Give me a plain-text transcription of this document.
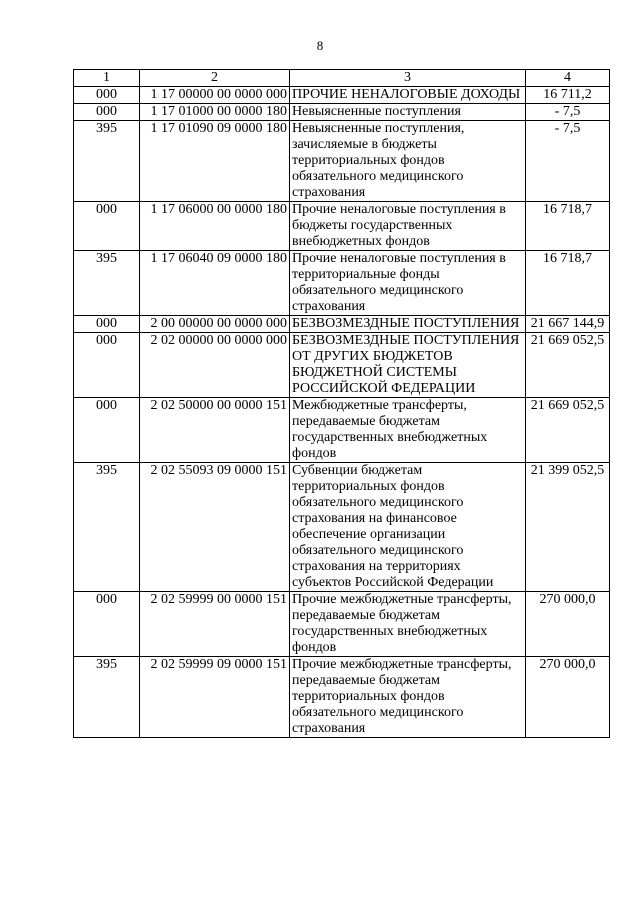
8
1	2	3	4
000	1 17 00000 00 0000 000	ПРОЧИЕ НЕНАЛОГОВЫЕ ДОХОДЫ	16 711,2
000	1 17 01000 00 0000 180	Невыясненные поступления	- 7,5
395	1 17 01090 09 0000 180	Невыясненные поступления, зачисляемые в бюджеты территориальных фондов обязательного медицинского страхования	- 7,5
000	1 17 06000 00 0000 180	Прочие неналоговые поступления в бюджеты государственных внебюджетных фондов	16 718,7
395	1 17 06040 09 0000 180	Прочие неналоговые поступления в территориальные фонды обязательного медицинского страхования	16 718,7
000	2 00 00000 00 0000 000	БЕЗВОЗМЕЗДНЫЕ ПОСТУПЛЕНИЯ	21 667 144,9
000	2 02 00000 00 0000 000	БЕЗВОЗМЕЗДНЫЕ ПОСТУПЛЕНИЯ ОТ ДРУГИХ БЮДЖЕТОВ БЮДЖЕТНОЙ СИСТЕМЫ РОССИЙСКОЙ ФЕДЕРАЦИИ	21 669 052,5
000	2 02 50000 00 0000 151	Межбюджетные трансферты, передаваемые бюджетам государственных внебюджетных фондов	21 669 052,5
395	2 02 55093 09 0000 151	Субвенции бюджетам территориальных фондов обязательного медицинского страхования на финансовое обеспечение организации обязательного медицинского страхования на территориях субъектов Российской Федерации	21 399 052,5
000	2 02 59999 00 0000 151	Прочие межбюджетные трансферты, передаваемые бюджетам государственных внебюджетных фондов	270 000,0
395	2 02 59999 09 0000 151	Прочие межбюджетные трансферты, передаваемые бюджетам территориальных фондов обязательного медицинского страхования	270 000,0
